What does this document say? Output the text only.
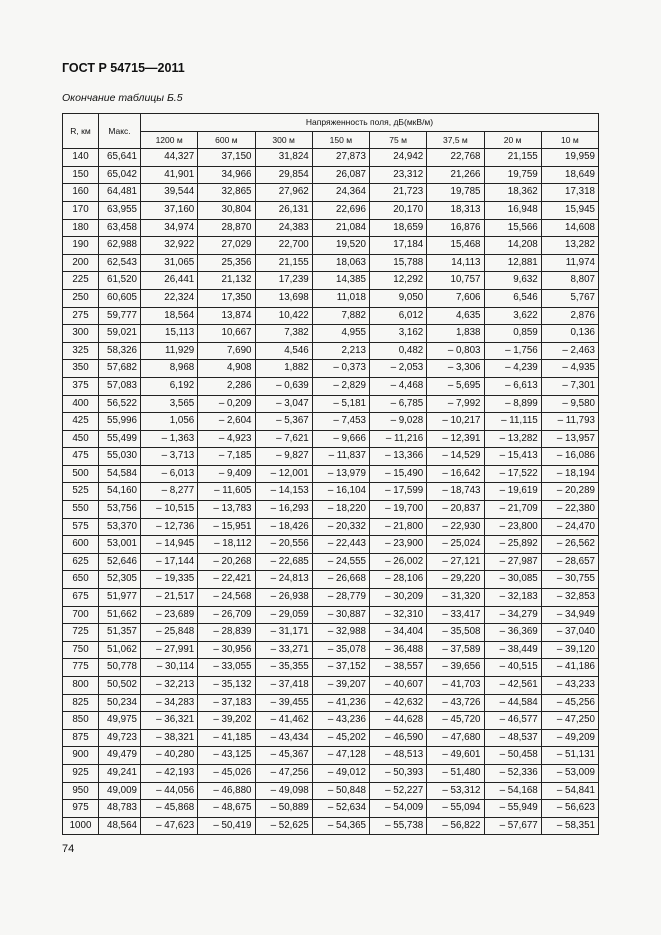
ГОСТ Р 54715—2011
Окончание таблицы Б.5
R, км	Макс.	Напряженность поля, дБ(мкВ/м)							
		1200 м	600 м	300 м	150 м	75 м	37,5 м	20 м	10 м
140	65,641	44,327	37,150	31,824	27,873	24,942	22,768	21,155	19,959
150	65,042	41,901	34,966	29,854	26,087	23,312	21,266	19,759	18,649
160	64,481	39,544	32,865	27,962	24,364	21,723	19,785	18,362	17,318
170	63,955	37,160	30,804	26,131	22,696	20,170	18,313	16,948	15,945
180	63,458	34,974	28,870	24,383	21,084	18,659	16,876	15,566	14,608
190	62,988	32,922	27,029	22,700	19,520	17,184	15,468	14,208	13,282
200	62,543	31,065	25,356	21,155	18,063	15,788	14,113	12,881	11,974
225	61,520	26,441	21,132	17,239	14,385	12,292	10,757	9,632	8,807
250	60,605	22,324	17,350	13,698	11,018	9,050	7,606	6,546	5,767
275	59,777	18,564	13,874	10,422	7,882	6,012	4,635	3,622	2,876
300	59,021	15,113	10,667	7,382	4,955	3,162	1,838	0,859	0,136
325	58,326	11,929	7,690	4,546	2,213	0,482	– 0,803	– 1,756	– 2,463
350	57,682	8,968	4,908	1,882	– 0,373	– 2,053	– 3,306	– 4,239	– 4,935
375	57,083	6,192	2,286	– 0,639	– 2,829	– 4,468	– 5,695	– 6,613	– 7,301
400	56,522	3,565	– 0,209	– 3,047	– 5,181	– 6,785	– 7,992	– 8,899	– 9,580
425	55,996	1,056	– 2,604	– 5,367	– 7,453	– 9,028	– 10,217	– 11,115	– 11,793
450	55,499	– 1,363	– 4,923	– 7,621	– 9,666	– 11,216	– 12,391	– 13,282	– 13,957
475	55,030	– 3,713	– 7,185	– 9,827	– 11,837	– 13,366	– 14,529	– 15,413	– 16,086
500	54,584	– 6,013	– 9,409	– 12,001	– 13,979	– 15,490	– 16,642	– 17,522	– 18,194
525	54,160	– 8,277	– 11,605	– 14,153	– 16,104	– 17,599	– 18,743	– 19,619	– 20,289
550	53,756	– 10,515	– 13,783	– 16,293	– 18,220	– 19,700	– 20,837	– 21,709	– 22,380
575	53,370	– 12,736	– 15,951	– 18,426	– 20,332	– 21,800	– 22,930	– 23,800	– 24,470
600	53,001	– 14,945	– 18,112	– 20,556	– 22,443	– 23,900	– 25,024	– 25,892	– 26,562
625	52,646	– 17,144	– 20,268	– 22,685	– 24,555	– 26,002	– 27,121	– 27,987	– 28,657
650	52,305	– 19,335	– 22,421	– 24,813	– 26,668	– 28,106	– 29,220	– 30,085	– 30,755
675	51,977	– 21,517	– 24,568	– 26,938	– 28,779	– 30,209	– 31,320	– 32,183	– 32,853
700	51,662	– 23,689	– 26,709	– 29,059	– 30,887	– 32,310	– 33,417	– 34,279	– 34,949
725	51,357	– 25,848	– 28,839	– 31,171	– 32,988	– 34,404	– 35,508	– 36,369	– 37,040
750	51,062	– 27,991	– 30,956	– 33,271	– 35,078	– 36,488	– 37,589	– 38,449	– 39,120
775	50,778	– 30,114	– 33,055	– 35,355	– 37,152	– 38,557	– 39,656	– 40,515	– 41,186
800	50,502	– 32,213	– 35,132	– 37,418	– 39,207	– 40,607	– 41,703	– 42,561	– 43,233
825	50,234	– 34,283	– 37,183	– 39,455	– 41,236	– 42,632	– 43,726	– 44,584	– 45,256
850	49,975	– 36,321	– 39,202	– 41,462	– 43,236	– 44,628	– 45,720	– 46,577	– 47,250
875	49,723	– 38,321	– 41,185	– 43,434	– 45,202	– 46,590	– 47,680	– 48,537	– 49,209
900	49,479	– 40,280	– 43,125	– 45,367	– 47,128	– 48,513	– 49,601	– 50,458	– 51,131
925	49,241	– 42,193	– 45,026	– 47,256	– 49,012	– 50,393	– 51,480	– 52,336	– 53,009
950	49,009	– 44,056	– 46,880	– 49,098	– 50,848	– 52,227	– 53,312	– 54,168	– 54,841
975	48,783	– 45,868	– 48,675	– 50,889	– 52,634	– 54,009	– 55,094	– 55,949	– 56,623
1000	48,564	– 47,623	– 50,419	– 52,625	– 54,365	– 55,738	– 56,822	– 57,677	– 58,351
74
